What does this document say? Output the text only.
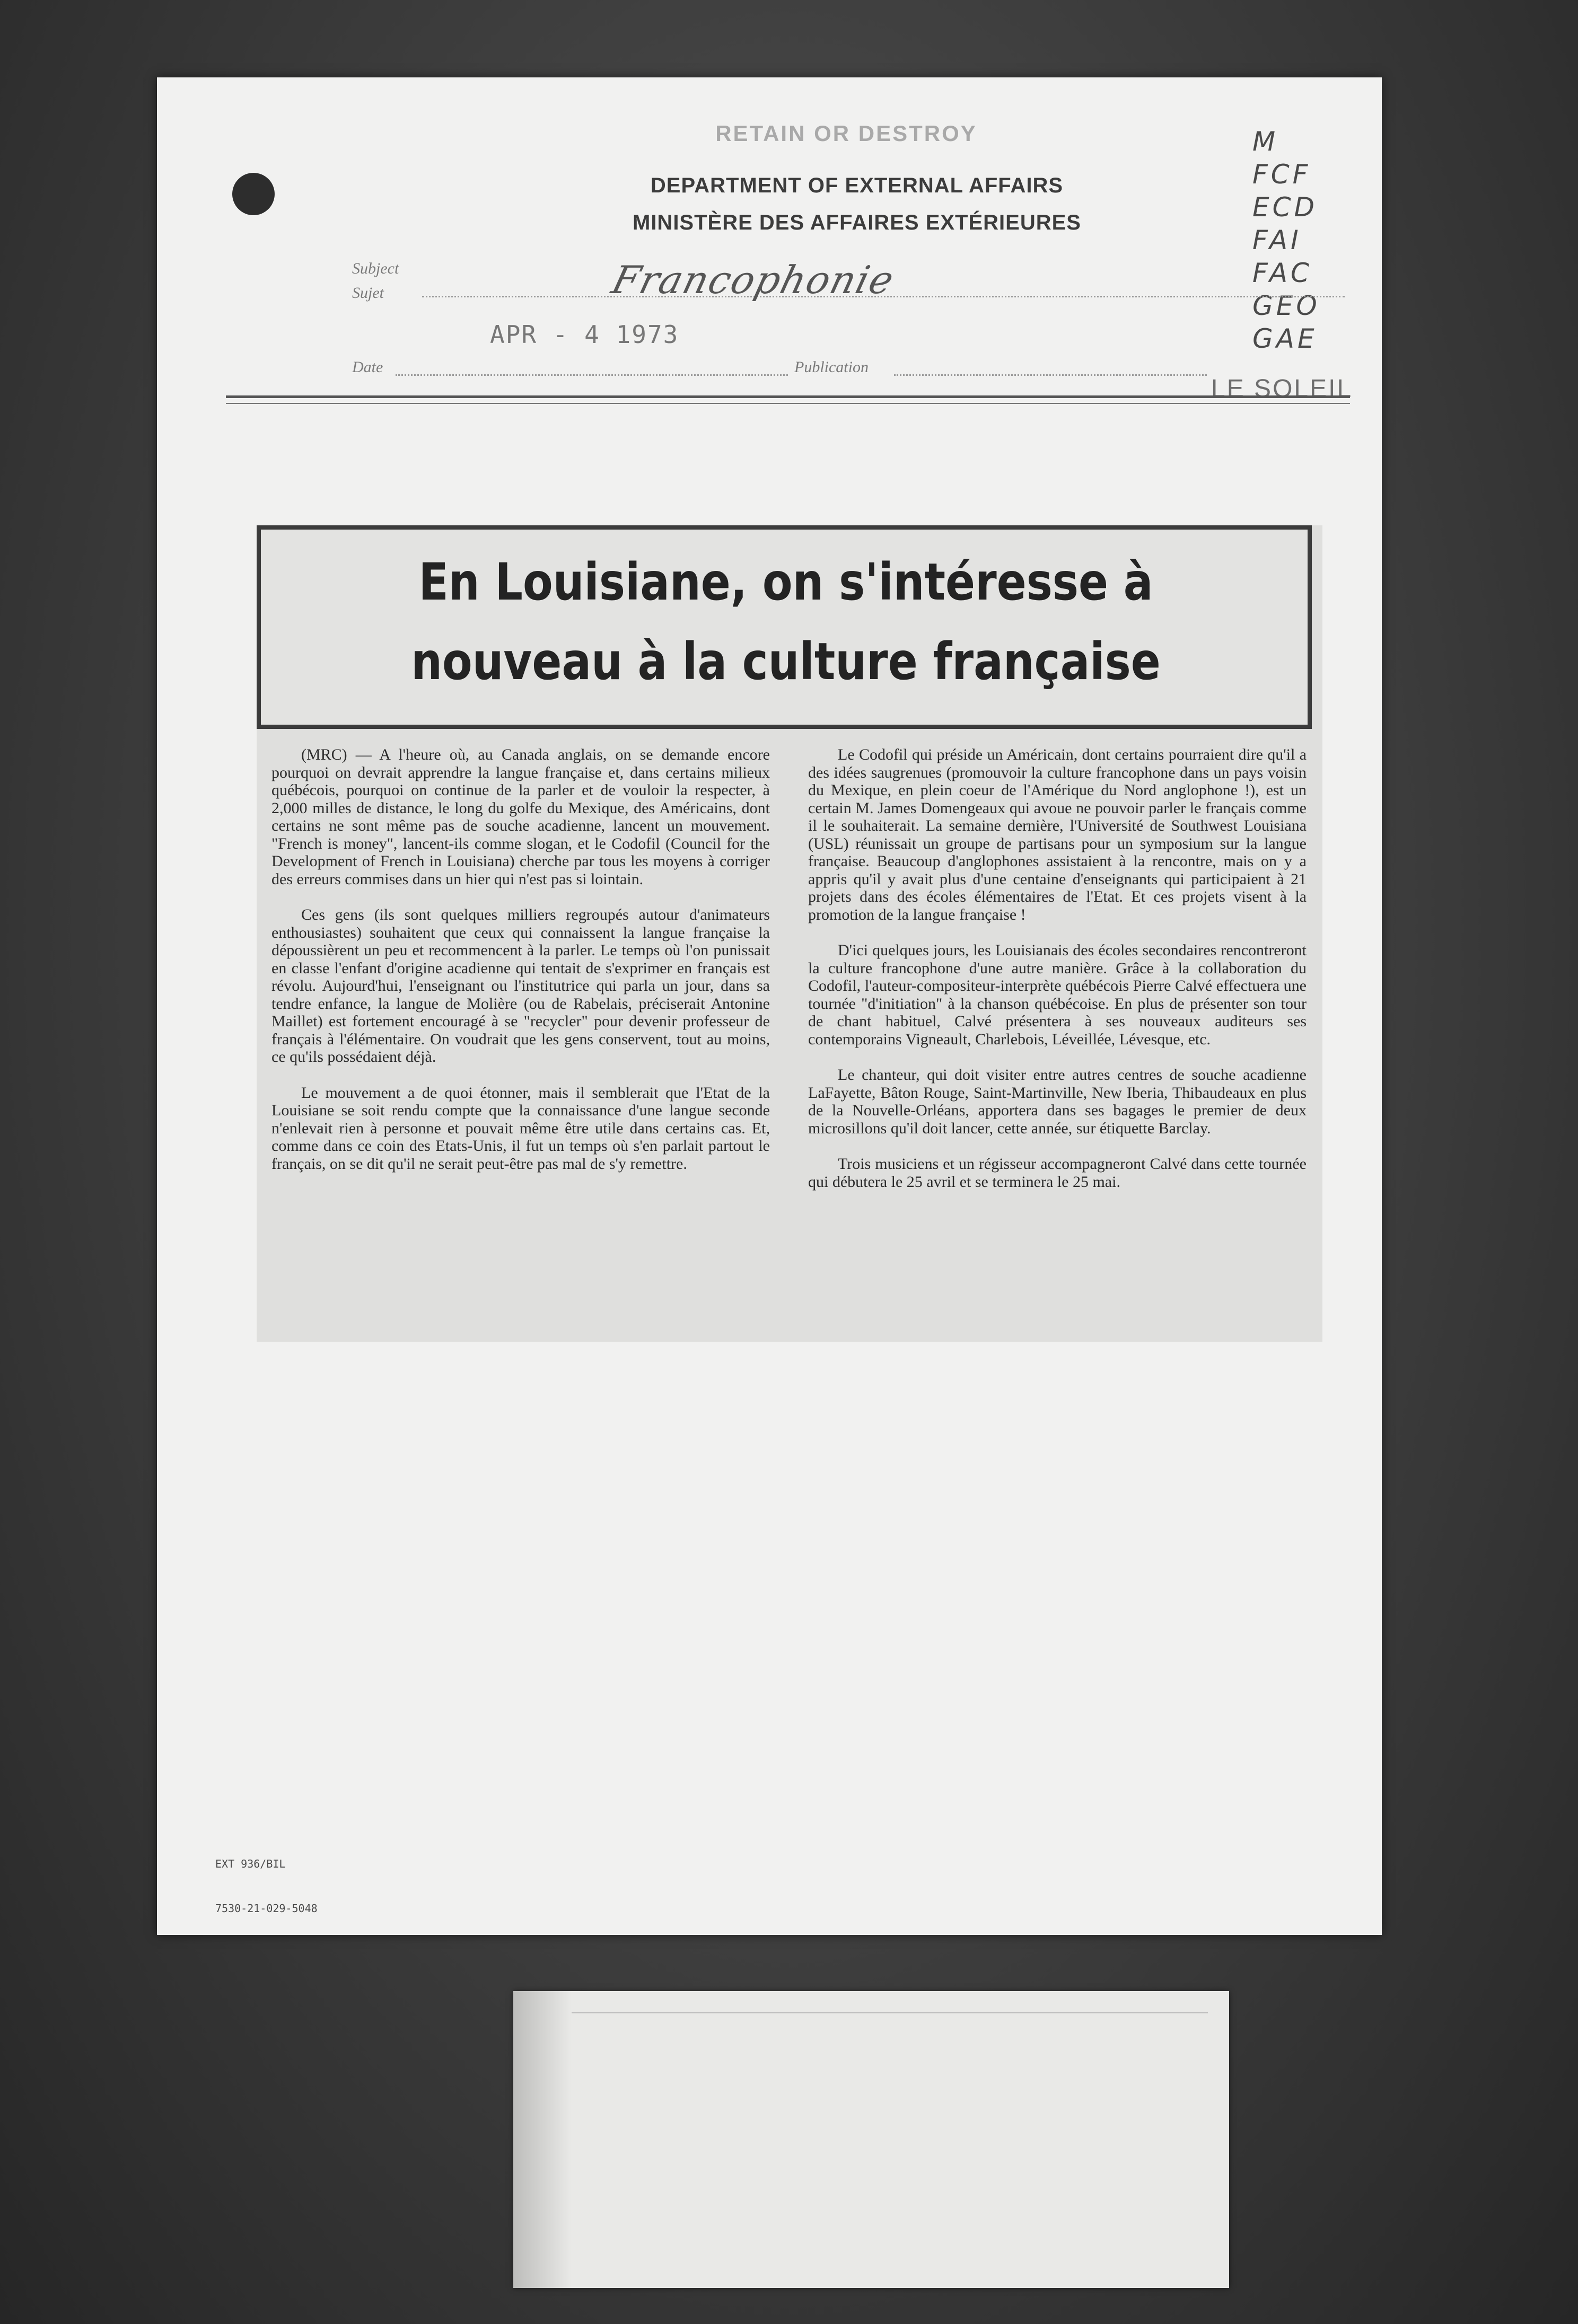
RETAIN OR DESTROY
DEPARTMENT OF EXTERNAL AFFAIRS
MINISTÈRE DES AFFAIRES EXTÉRIEURES
M
FCF
ECD
FAI
FAC
GEO
GAE
Subject
Sujet	Francophonie
APR - 4 1973
Date	Publication
LE SOLEIL
En Louisiane, on s'intéresse à
nouveau à la culture française

(MRC) — A l'heure où, au Canada anglais, on se demande encore pourquoi on devrait apprendre la langue française et, dans certains milieux québécois, pourquoi on continue de la parler et de vouloir la respecter, à 2,000 milles de distance, le long du golfe du Mexique, des Américains, dont certains ne sont même pas de souche acadienne, lancent un mouvement. "French is money", lancent-ils comme slogan, et le Codofil (Council for the Development of French in Louisiana) cherche par tous les moyens à corriger des erreurs commises dans un hier qui n'est pas si lointain.

Ces gens (ils sont quelques milliers regroupés autour d'animateurs enthousiastes) souhaitent que ceux qui connaissent la langue française la dépoussièrent un peu et recommencent à la parler. Le temps où l'on punissait en classe l'enfant d'origine acadienne qui tentait de s'exprimer en français est révolu. Aujourd'hui, l'enseignant ou l'institutrice qui parla un jour, dans sa tendre enfance, la langue de Molière (ou de Rabelais, préciserait Antonine Maillet) est fortement encouragé à se "recycler" pour devenir professeur de français à l'élémentaire. On voudrait que les gens conservent, tout au moins, ce qu'ils possédaient déjà.

Le mouvement a de quoi étonner, mais il semblerait que l'Etat de la Louisiane se soit rendu compte que la connaissance d'une langue seconde n'enlevait rien à personne et pouvait même être utile dans certains cas. Et, comme dans ce coin des Etats-Unis, il fut un temps où s'en parlait partout le français, on se dit qu'il ne serait peut-être pas mal de s'y remettre.

Le Codofil qui préside un Américain, dont certains pourraient dire qu'il a des idées saugrenues (promouvoir la culture francophone dans un pays voisin du Mexique, en plein coeur de l'Amérique du Nord anglophone !), est un certain M. James Domengeaux qui avoue ne pouvoir parler le français comme il le souhaiterait. La semaine dernière, l'Université de Southwest Louisiana (USL) réunissait un groupe de partisans pour un symposium sur la langue française. Beaucoup d'anglophones assistaient à la rencontre, mais on y a appris qu'il y avait plus d'une centaine d'enseignants qui participaient à 21 projets dans des écoles élémentaires de l'Etat. Et ces projets visent à la promotion de la langue française !

D'ici quelques jours, les Louisianais des écoles secondaires rencontreront la culture francophone d'une autre manière. Grâce à la collaboration du Codofil, l'auteur-compositeur-interprète québécois Pierre Calvé effectuera une tournée "d'initiation" à la chanson québécoise. En plus de présenter son tour de chant habituel, Calvé présentera à ses nouveaux auditeurs ses contemporains Vigneault, Charlebois, Léveillée, Lévesque, etc.

Le chanteur, qui doit visiter entre autres centres de souche acadienne LaFayette, Bâton Rouge, Saint-Martinville, New Iberia, Thibaudeaux en plus de la Nouvelle-Orléans, apportera dans ses bagages le premier de deux microsillons qu'il doit lancer, cette année, sur étiquette Barclay.

Trois musiciens et un régisseur accompagneront Calvé dans cette tournée qui débutera le 25 avril et se terminera le 25 mai.

EXT 936/BIL

7530-21-029-5048
